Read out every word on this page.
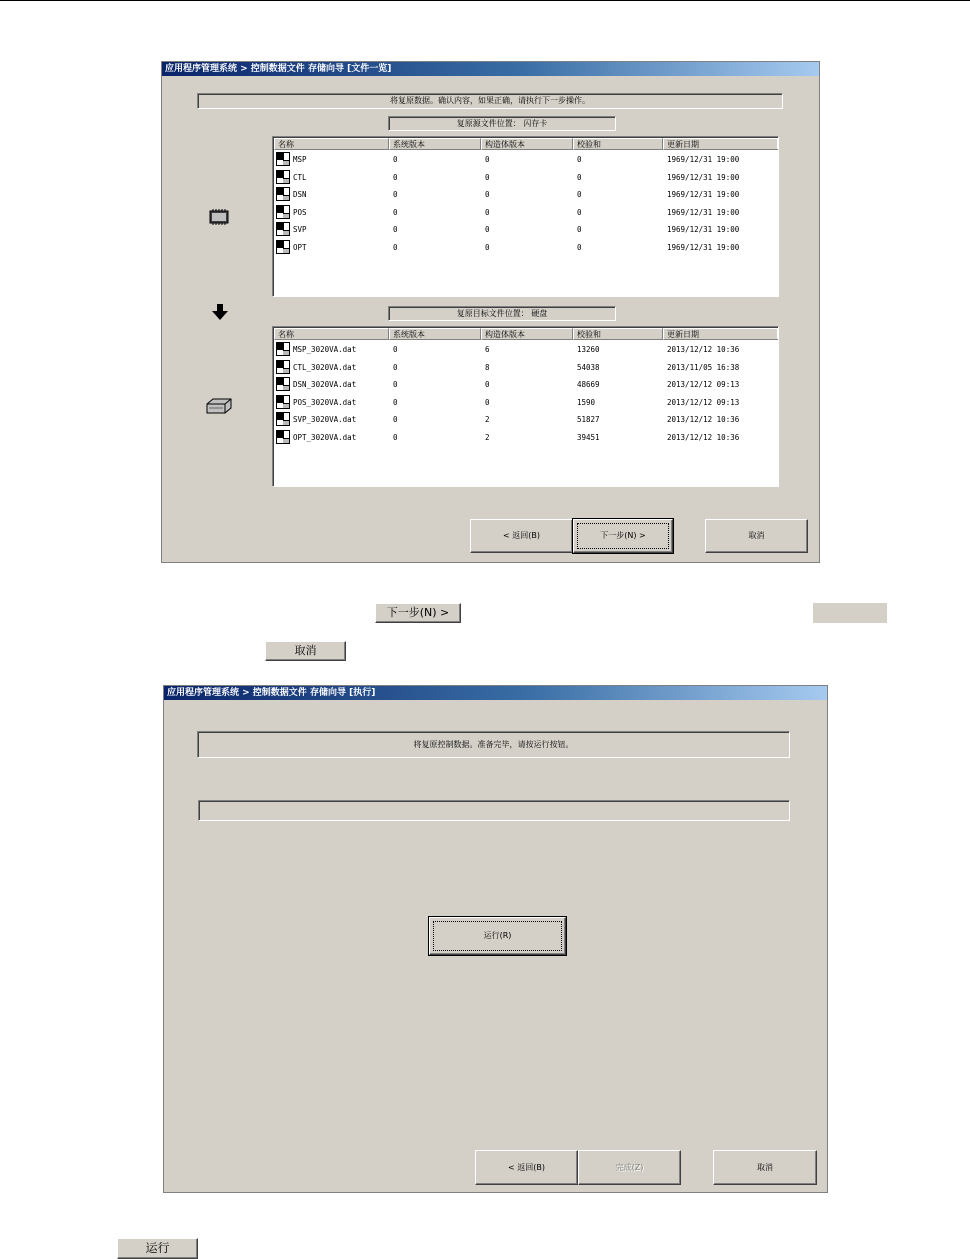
应用程序管理系统 > 控制数据文件 存储向导 [文件一览]
将复原数据。确认内容，如果正确，请执行下一步操作。
复原源文件位置： 闪存卡
名称	系统版本	构造体版本	校验和	更新日期
MSP	0	0	0	1969/12/31 19:00
CTL	0	0	0	1969/12/31 19:00
DSN	0	0	0	1969/12/31 19:00
POS	0	0	0	1969/12/31 19:00
SVP	0	0	0	1969/12/31 19:00
OPT	0	0	0	1969/12/31 19:00
复原目标文件位置： 硬盘
名称	系统版本	构造体版本	校验和	更新日期
MSP_3020VA.dat	0	6	13260	2013/12/12 10:36
CTL_3020VA.dat	0	8	54038	2013/11/05 16:38
DSN_3020VA.dat	0	0	48669	2013/12/12 09:13
POS_3020VA.dat	0	0	1590	2013/12/12 09:13
SVP_3020VA.dat	0	2	51827	2013/12/12 10:36
OPT_3020VA.dat	0	2	39451	2013/12/12 10:36
< 返回(B)	下一步(N) >	取消
下一步(N) >
取消
应用程序管理系统 > 控制数据文件 存储向导 [执行]
将复原控制数据。准备完毕，请按运行按钮。
运行(R)
< 返回(B)	完成(Z)	取消
运行
